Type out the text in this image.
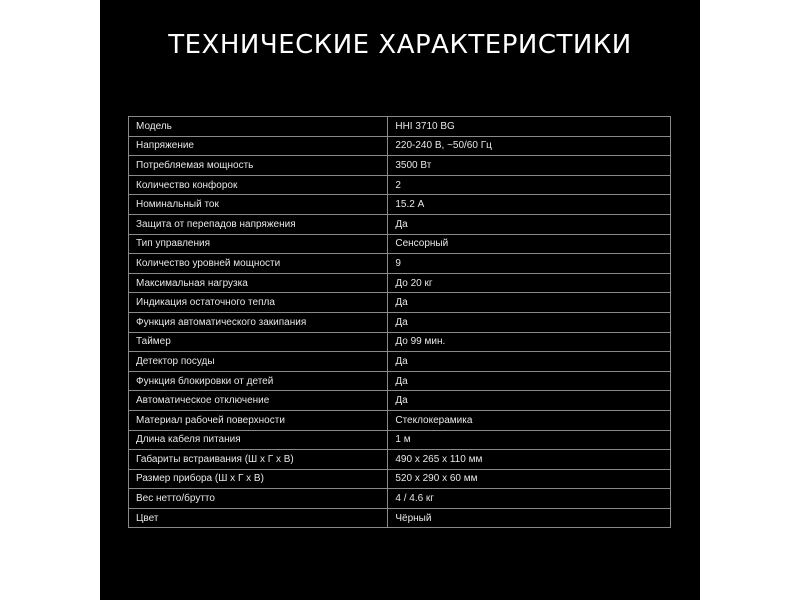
ТЕХНИЧЕСКИЕ ХАРАКТЕРИСТИКИ
Модель	HHI 3710 BG
Напряжение	220-240 В, ~50/60 Гц
Потребляемая мощность	3500 Вт
Количество конфорок	2
Номинальный ток	15.2 А
Защита от перепадов напряжения	Да
Тип управления	Сенсорный
Количество уровней мощности	9
Максимальная нагрузка	До 20 кг
Индикация остаточного тепла	Да
Функция автоматического закипания	Да
Таймер	До 99 мин.
Детектор посуды	Да
Функция блокировки от детей	Да
Автоматическое отключение	Да
Материал рабочей поверхности	Стеклокерамика
Длина кабеля питания	1 м
Габариты встраивания (Ш х Г х В)	490 х 265 х 110 мм
Размер прибора (Ш х Г х В)	520 х 290 х 60 мм
Вес нетто/брутто	4 / 4.6 кг
Цвет	Чёрный
